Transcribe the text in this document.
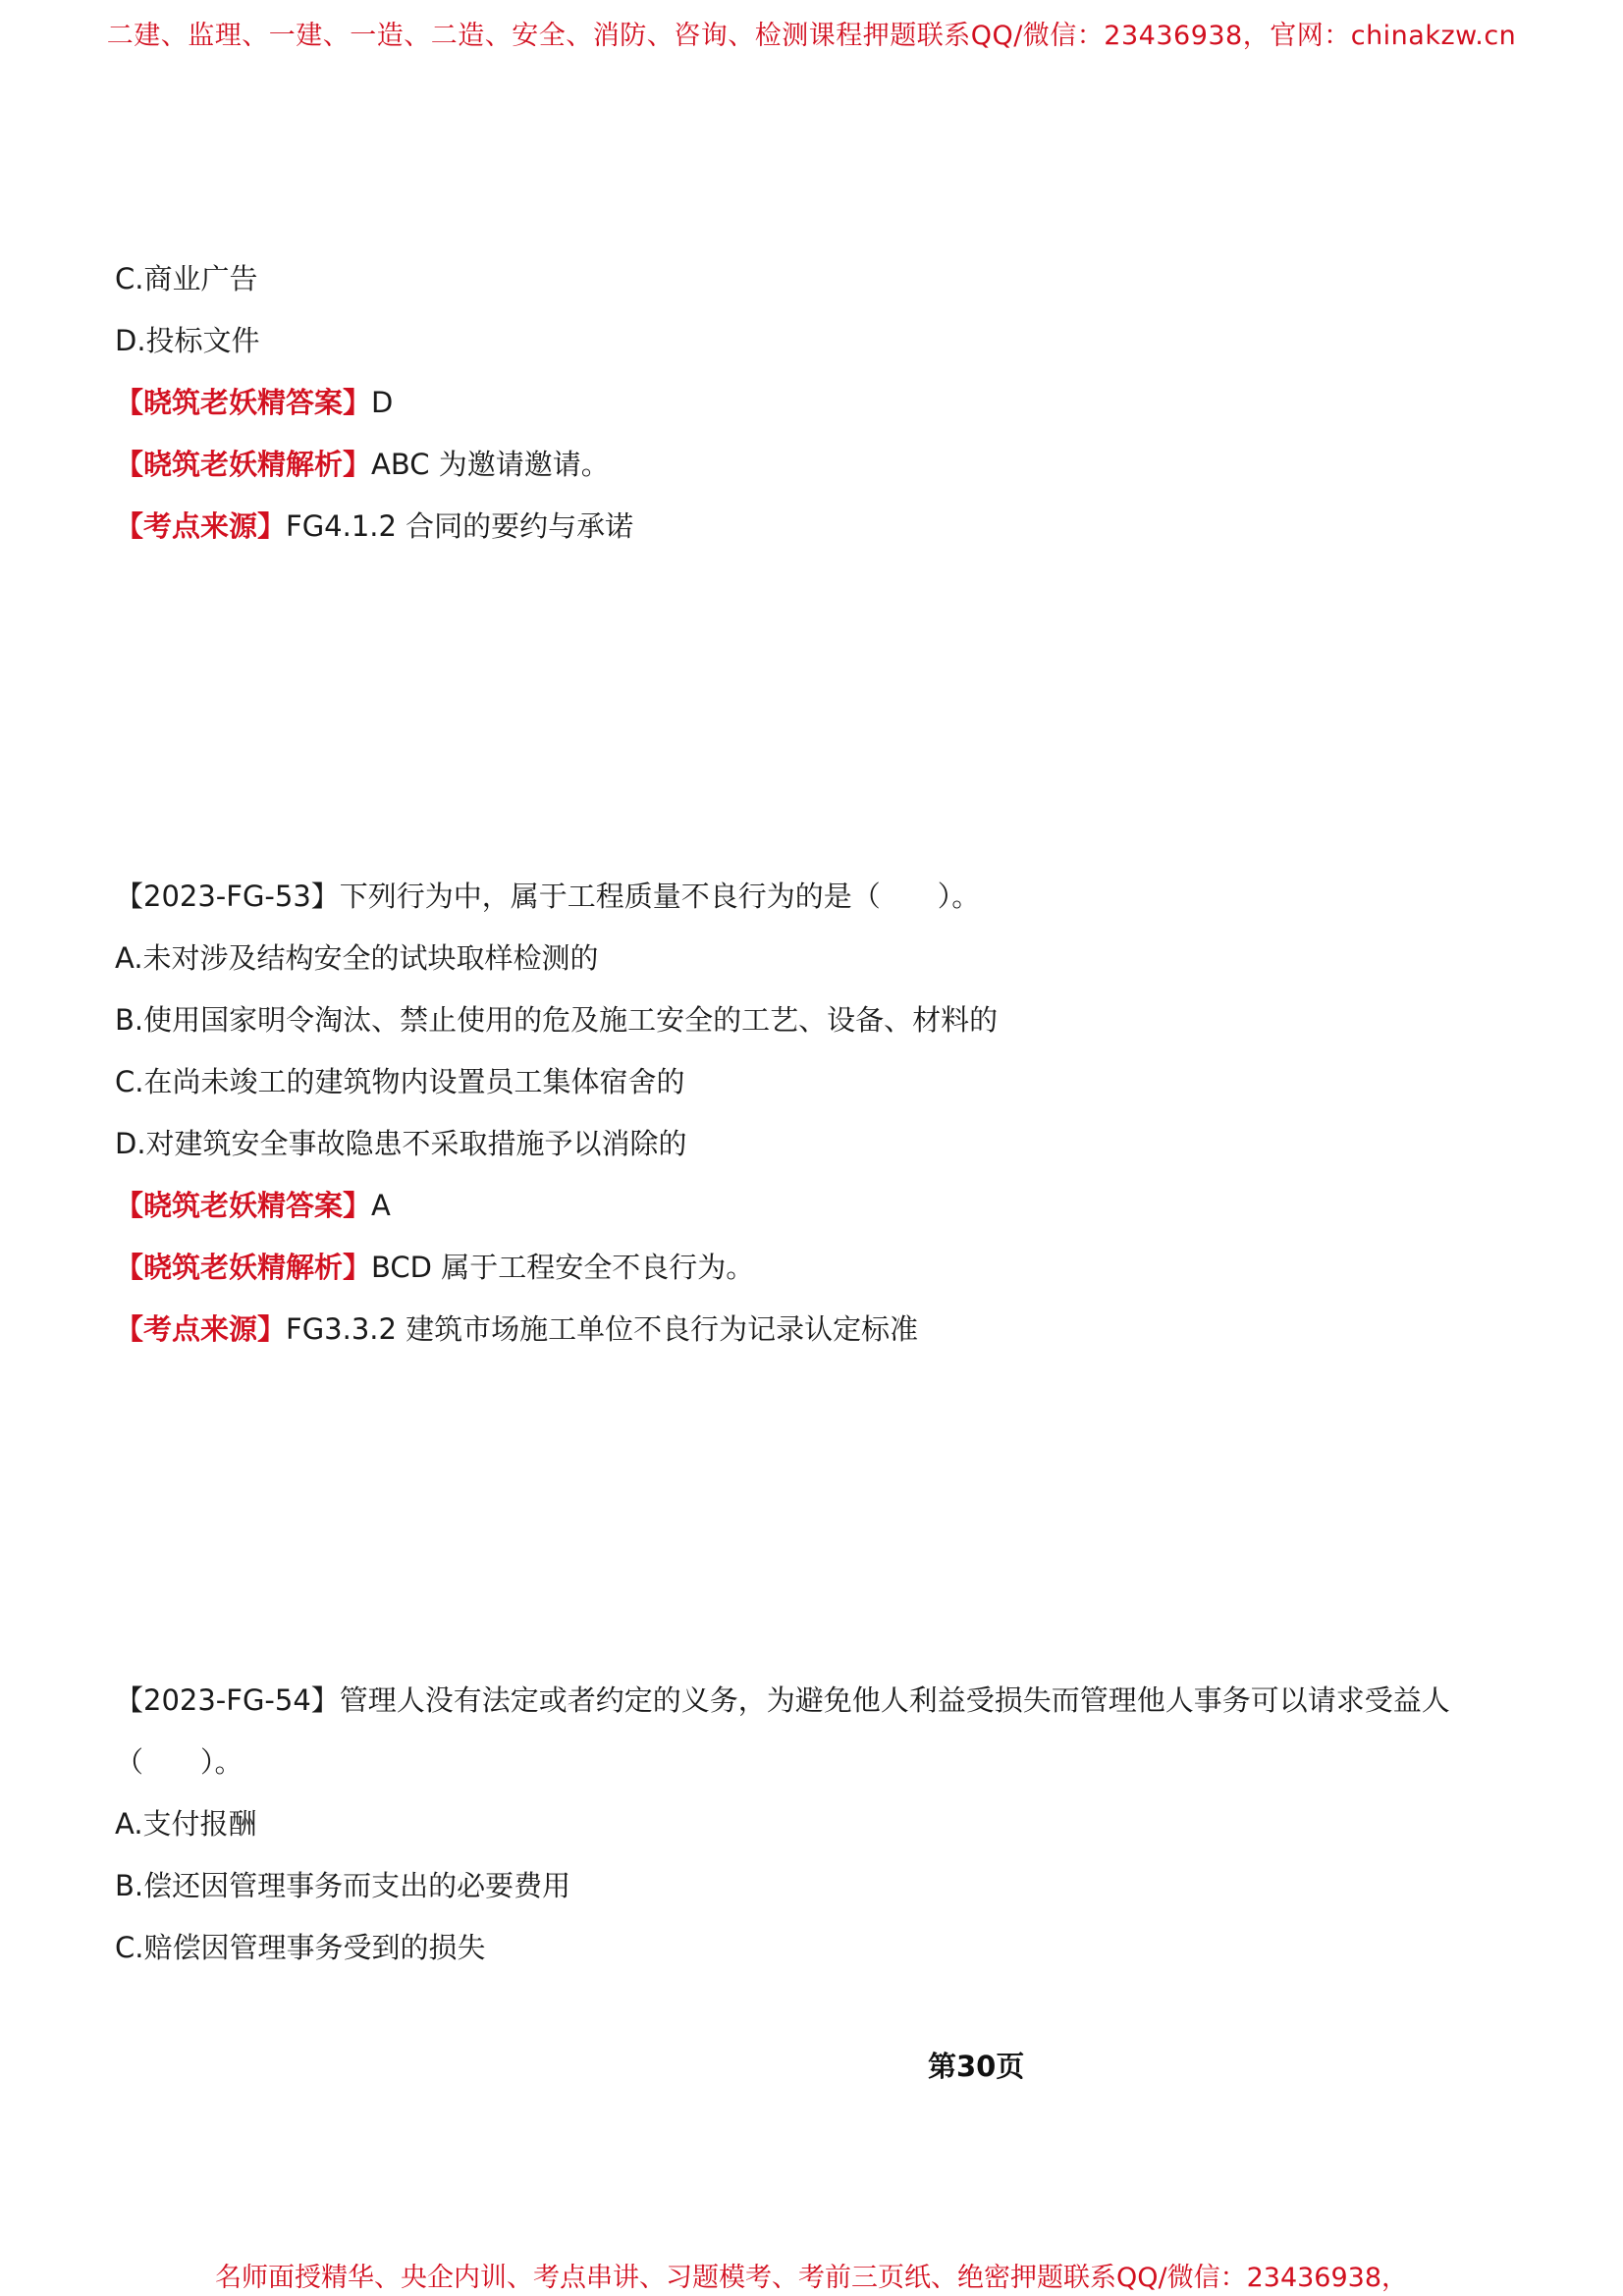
二建、监理、一建、一造、二造、安全、消防、咨询、检测课程押题联系QQ/微信：23436938，官网：chinakzw.cn
C.商业广告
D.投标文件
【晓筑老妖精答案】D
【晓筑老妖精解析】ABC 为邀请邀请。
【考点来源】FG4.1.2 合同的要约与承诺
【2023-FG-53】下列行为中，属于工程质量不良行为的是（　　）。
A.未对涉及结构安全的试块取样检测的
B.使用国家明令淘汰、禁止使用的危及施工安全的工艺、设备、材料的
C.在尚未竣工的建筑物内设置员工集体宿舍的
D.对建筑安全事故隐患不采取措施予以消除的
【晓筑老妖精答案】A
【晓筑老妖精解析】BCD 属于工程安全不良行为。
【考点来源】FG3.3.2 建筑市场施工单位不良行为记录认定标准
【2023-FG-54】管理人没有法定或者约定的义务，为避免他人利益受损失而管理他人事务可以请求受益人
（　　）。
A.支付报酬
B.偿还因管理事务而支出的必要费用
C.赔偿因管理事务受到的损失
第30页
名师面授精华、央企内训、考点串讲、习题模考、考前三页纸、绝密押题联系QQ/微信：23436938，
